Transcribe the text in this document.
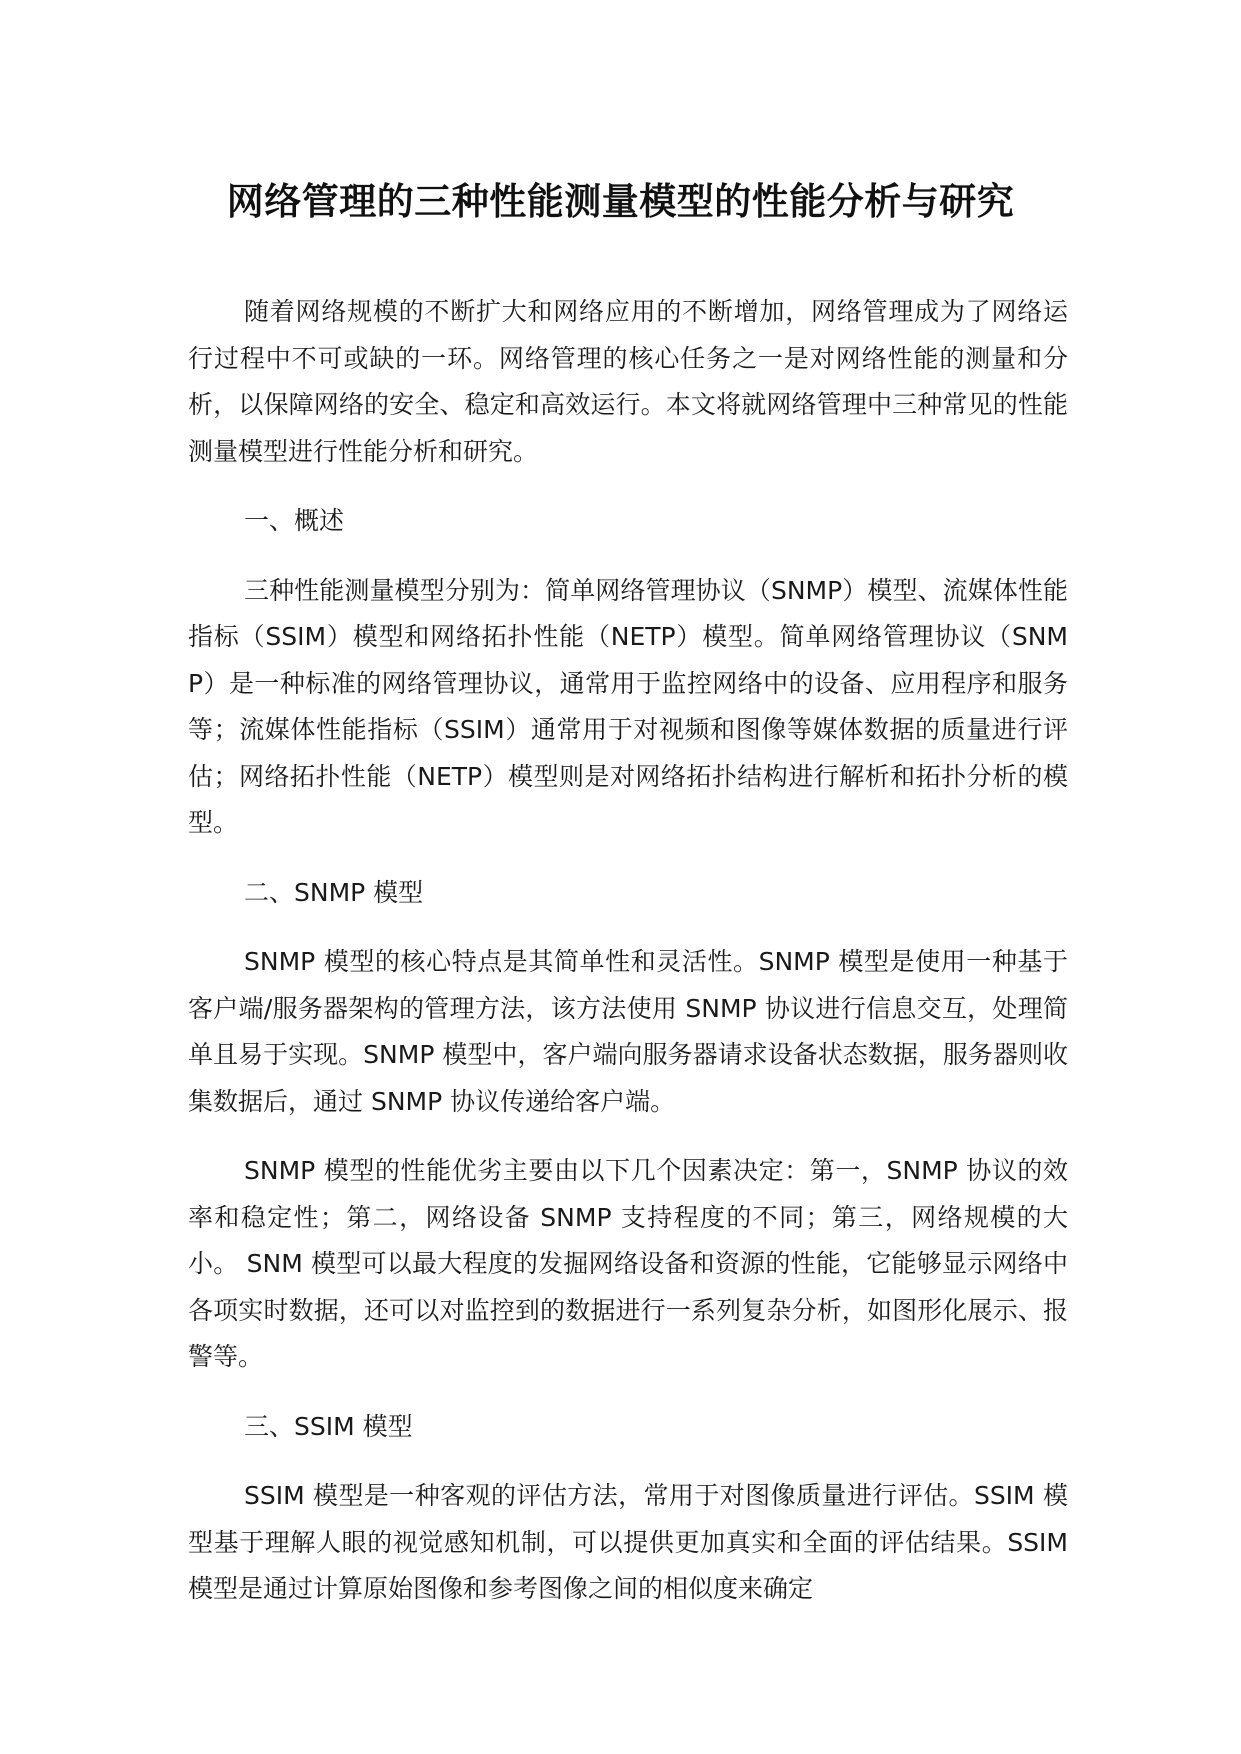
网络管理的三种性能测量模型的性能分析与研究

随着网络规模的不断扩大和网络应用的不断增加，网络管理成为了网络运行过程中不可或缺的一环。网络管理的核心任务之一是对网络性能的测量和分析，以保障网络的安全、稳定和高效运行。本文将就网络管理中三种常见的性能测量模型进行性能分析和研究。

一、概述

三种性能测量模型分别为：简单网络管理协议（SNMP）模型、流媒体性能指标（SSIM）模型和网络拓扑性能（NETP）模型。简单网络管理协议（SNMP）是一种标准的网络管理协议，通常用于监控网络中的设备、应用程序和服务等；流媒体性能指标（SSIM）通常用于对视频和图像等媒体数据的质量进行评估；网络拓扑性能（NETP）模型则是对网络拓扑结构进行解析和拓扑分析的模型。

二、SNMP 模型

SNMP 模型的核心特点是其简单性和灵活性。SNMP 模型是使用一种基于客户端/服务器架构的管理方法，该方法使用 SNMP 协议进行信息交互，处理简单且易于实现。SNMP 模型中，客户端向服务器请求设备状态数据，服务器则收集数据后，通过 SNMP 协议传递给客户端。

SNMP 模型的性能优劣主要由以下几个因素决定：第一，SNMP 协议的效率和稳定性；第二，网络设备 SNMP 支持程度的不同；第三，网络规模的大小。 SNM 模型可以最大程度的发掘网络设备和资源的性能，它能够显示网络中各项实时数据，还可以对监控到的数据进行一系列复杂分析，如图形化展示、报警等。

三、SSIM 模型

SSIM 模型是一种客观的评估方法，常用于对图像质量进行评估。SSIM 模型基于理解人眼的视觉感知机制，可以提供更加真实和全面的评估结果。SSIM 模型是通过计算原始图像和参考图像之间的相似度来确定
